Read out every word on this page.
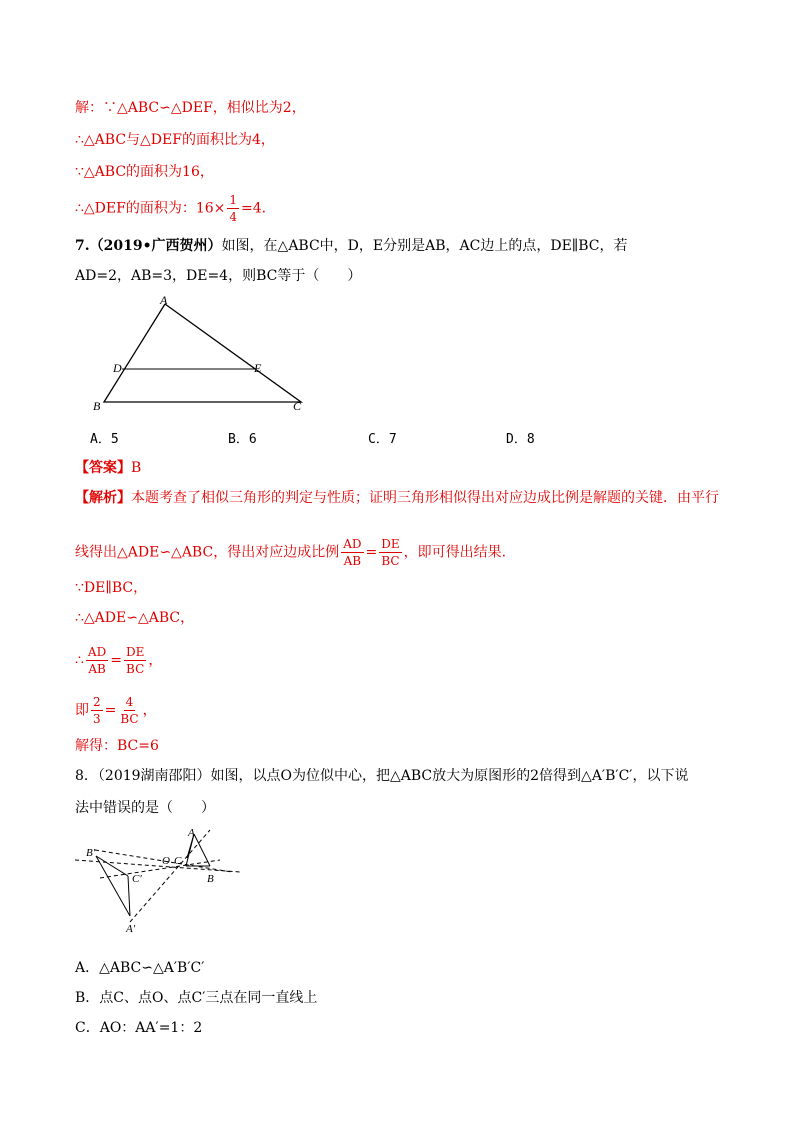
解：∵△ABC∽△DEF，相似比为2，
∴△ABC与△DEF的面积比为4，
∵△ABC的面积为16，
∴△DEF的面积为：$16\times \frac{1}{4} =4$.
7.（2019•广西贺州）如图，在△ABC中，D，E分别是AB，AC边上的点，DE∥BC，若
AD=2，AB=3，DE=4，则BC等于（　　）
A
D	E
B	C
A．5	B．6	C．7	D．8
【答案】B
【解析】本题考查了相似三角形的判定与性质；证明三角形相似得出对应边成比例是解题的关键．由平行
线得出△ADE∽△ABC，得出对应边成比例 $\frac{AD}{AB} = \frac{DE}{BC}$ ，即可得出结果.
∵DE∥BC，
∴△ADE∽△ABC，
∴ $\frac{AD}{AB} = \frac{DE}{BC}$ ，
即 $\frac{2}{3} = \frac{4}{BC}$ ，
解得：BC=6
8．（2019湖南邵阳）如图，以点O为位似中心，把△ABC放大为原图形的2倍得到△A′B′C′，以下说
法中错误的是（　　）
A
B
C
O
B′
C′
A′
A．△ABC∽△A′B′C′
B．点C、点O、点C′三点在同一直线上
C．AO：AA′=1：2
